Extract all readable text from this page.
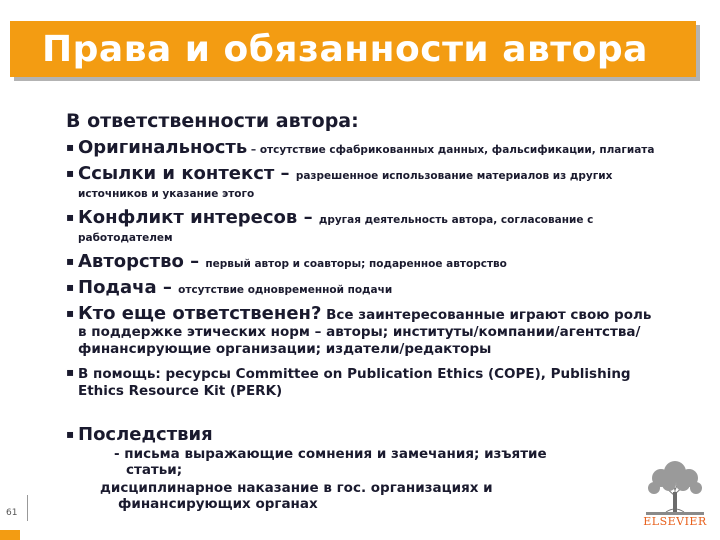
Права и обязанности автора
В ответственности автора:
▪ Оригинальность – отсутствие сфабрикованных данных, фальсификации, плагиата
▪ Ссылки и контекст – разрешенное использование материалов из других источников и указание этого
▪ Конфликт интересов – другая деятельность автора, согласование с работодателем
▪ Авторство – первый автор и соавторы; подаренное авторство
▪ Подача – отсутствие одновременной подачи
▪ Кто еще ответственен? Все заинтересованные играют свою роль в поддержке этических норм – авторы; институты/компании/агентства/финансирующие организации; издатели/редакторы
▪ В помощь: ресурсы Committee on Publication Ethics (COPE), Publishing Ethics Resource Kit (PERK)
▪ Последствия
- письма выражающие сомнения и замечания; изъятие
статьи;
дисциплинарное наказание в гос. организациях и
финансирующих органах
61
ELSEVIER
